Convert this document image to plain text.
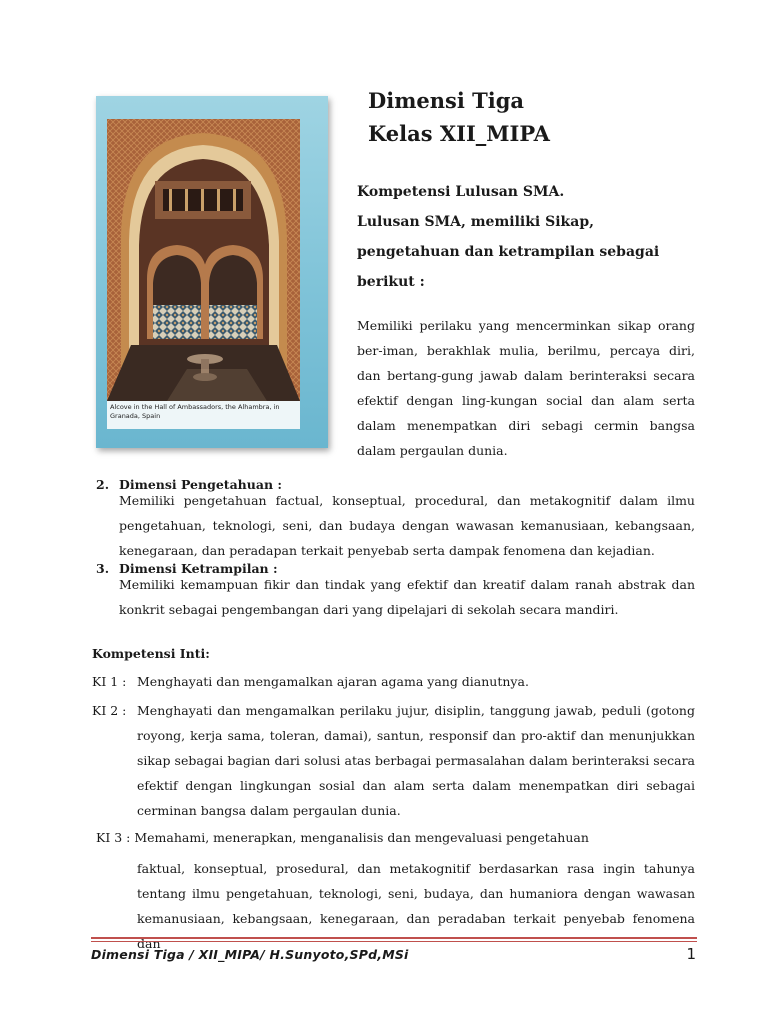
Alcove in the Hall of Ambassadors, the Alhambra, in Granada, Spain
Dimensi Tiga
Kelas XII_MIPA
Kompetensi Lulusan SMA.
Lulusan SMA, memiliki Sikap,
pengetahuan dan ketrampilan sebagai
berikut :
Memiliki perilaku yang mencerminkan sikap orang ber-iman, berakhlak mulia, berilmu, percaya diri, dan bertang-gung jawab dalam berinteraksi secara efektif dengan ling-kungan social dan alam serta dalam menempatkan diri sebagi cermin bangsa dalam pergaulan dunia.
2. Dimensi Pengetahuan :
Memiliki pengetahuan factual, konseptual, procedural, dan metakognitif dalam ilmu pengetahuan, teknologi, seni, dan budaya dengan wawasan kemanusiaan, kebangsaan, kenegaraan, dan peradapan terkait penyebab serta dampak fenomena dan kejadian.
3. Dimensi Ketrampilan :
Memiliki kemampuan fikir dan tindak yang efektif dan kreatif dalam ranah abstrak dan konkrit sebagai pengembangan dari yang dipelajari di sekolah secara mandiri.
Kompetensi Inti:
KI 1 : Menghayati dan mengamalkan ajaran agama yang dianutnya.
KI 2 : Menghayati dan mengamalkan perilaku jujur, disiplin, tanggung jawab, peduli (gotong royong, kerja sama, toleran, damai), santun, responsif dan pro-aktif dan menunjukkan sikap sebagai bagian dari solusi atas berbagai permasalahan dalam berinteraksi secara efektif dengan lingkungan sosial dan alam serta dalam menempatkan diri sebagai cerminan bangsa dalam pergaulan dunia.
KI 3 : Memahami, menerapkan, menganalisis dan mengevaluasi pengetahuan
faktual, konseptual, prosedural, dan metakognitif berdasarkan rasa ingin tahunya tentang ilmu pengetahuan, teknologi, seni, budaya, dan humaniora dengan wawasan kemanusiaan, kebangsaan, kenegaraan, dan peradaban terkait penyebab fenomena dan
Dimensi Tiga / XII_MIPA/ H.Sunyoto,SPd,MSi	1
